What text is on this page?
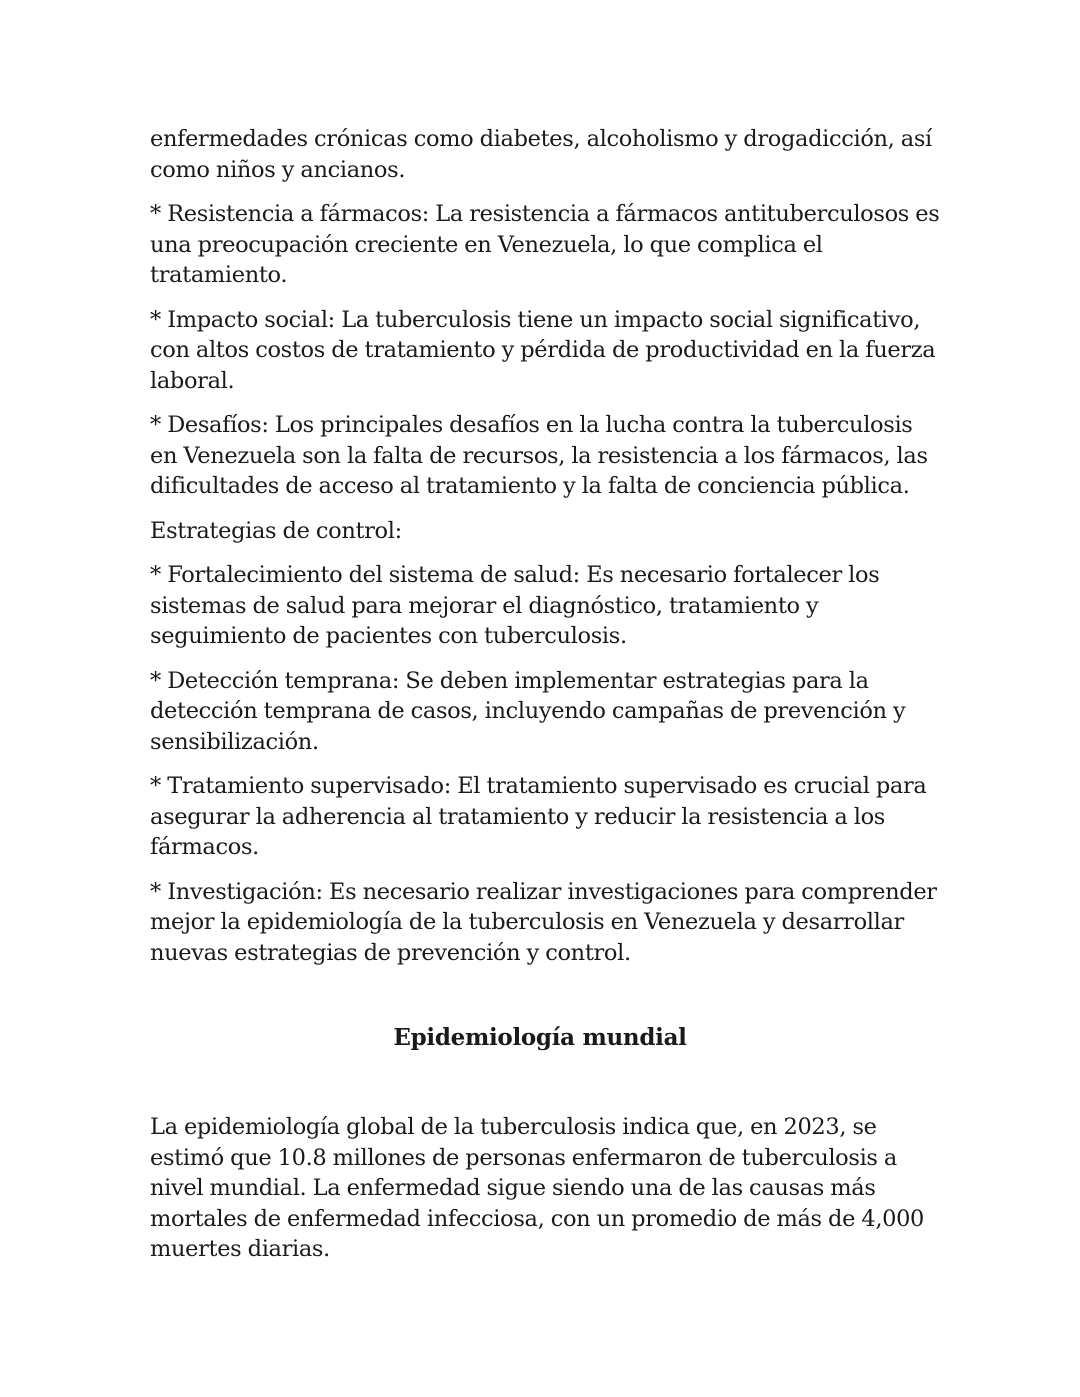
enfermedades crónicas como diabetes, alcoholismo y drogadicción, así
como niños y ancianos.

* Resistencia a fármacos: La resistencia a fármacos antituberculosos es
una preocupación creciente en Venezuela, lo que complica el
tratamiento.

* Impacto social: La tuberculosis tiene un impacto social significativo,
con altos costos de tratamiento y pérdida de productividad en la fuerza
laboral.

* Desafíos: Los principales desafíos en la lucha contra la tuberculosis
en Venezuela son la falta de recursos, la resistencia a los fármacos, las
dificultades de acceso al tratamiento y la falta de conciencia pública.

Estrategias de control:

* Fortalecimiento del sistema de salud: Es necesario fortalecer los
sistemas de salud para mejorar el diagnóstico, tratamiento y
seguimiento de pacientes con tuberculosis.

* Detección temprana: Se deben implementar estrategias para la
detección temprana de casos, incluyendo campañas de prevención y
sensibilización.

* Tratamiento supervisado: El tratamiento supervisado es crucial para
asegurar la adherencia al tratamiento y reducir la resistencia a los
fármacos.

* Investigación: Es necesario realizar investigaciones para comprender
mejor la epidemiología de la tuberculosis en Venezuela y desarrollar
nuevas estrategias de prevención y control.

Epidemiología mundial

La epidemiología global de la tuberculosis indica que, en 2023, se
estimó que 10.8 millones de personas enfermaron de tuberculosis a
nivel mundial. La enfermedad sigue siendo una de las causas más
mortales de enfermedad infecciosa, con un promedio de más de 4,000
muertes diarias.
